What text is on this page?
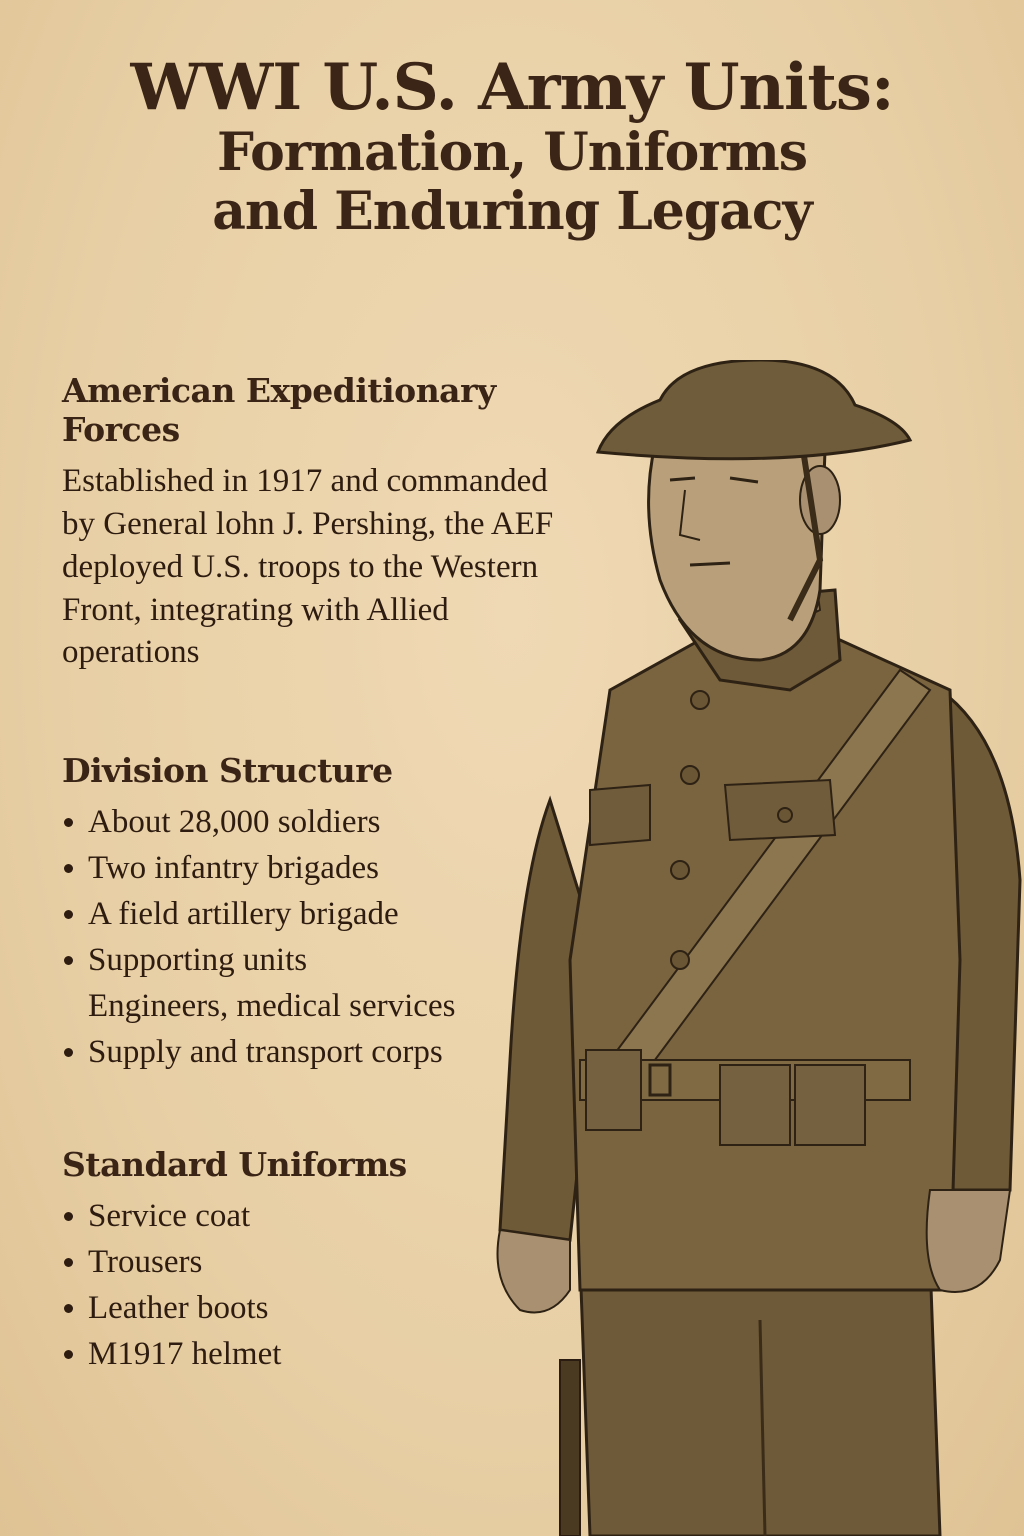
WWI U.S. Army Units:
Formation, Uniforms
and Enduring Legacy
American Expeditionary Forces

Established in 1917 and commanded by General lohn J. Pershing, the AEF deployed U.S. troops to the Western Front, integrating with Allied operations

Division Structure
About 28,000 soldiers
Two infantry brigades
A field artillery brigade
Supporting units
Engineers, medical services
Supply and transport corps
Standard Uniforms
Service coat
Trousers
Leather boots
M1917 helmet
